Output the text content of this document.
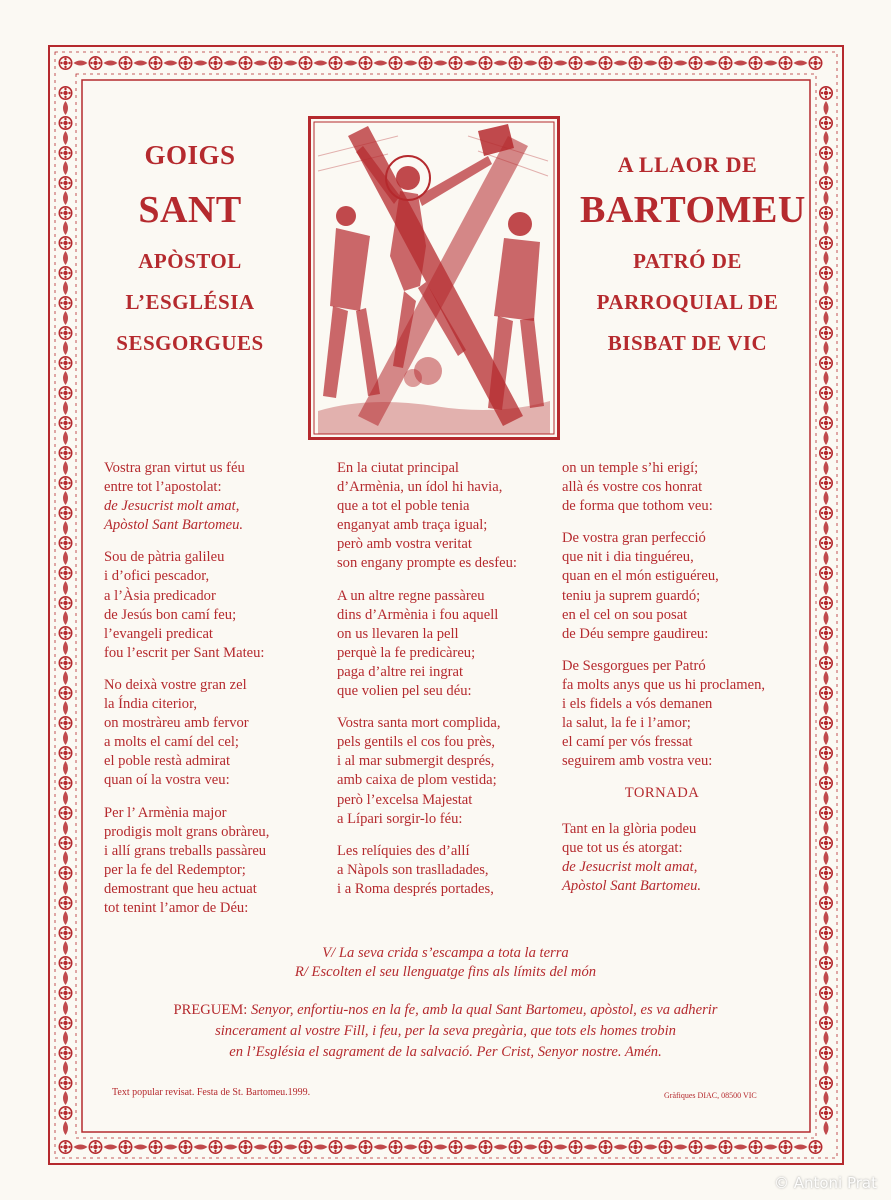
GOIGS
SANT
APÒSTOL
L’ESGLÉSIA
SESGORGUES
A LLAOR DE
BARTOMEU
PATRÓ DE
PARROQUIAL DE
BISBAT DE VIC
Vostra gran virtut us féu
entre tot l’apostolat:
de Jesucrist molt amat,
Apòstol Sant Bartomeu.
Sou de pàtria galileu
i d’ofici pescador,
a l’Àsia predicador
de Jesús bon camí feu;
l’evangeli predicat
fou l’escrit per Sant Mateu:
No deixà vostre gran zel
la Índia citerior,
on mostràreu amb fervor
a molts el camí del cel;
el poble restà admirat
quan oí la vostra veu:
Per l’ Armènia major
prodigis molt grans obràreu,
i allí grans treballs passàreu
per la fe del Redemptor;
demostrant que heu actuat
tot tenint l’amor de Déu:
En la ciutat principal
d’Armènia, un ídol hi havia,
que a tot el poble tenia
enganyat amb traça igual;
però amb vostra veritat
son engany prompte es desfeu:
A un altre regne passàreu
dins d’Armènia i fou aquell
on us llevaren la pell
perquè la fe predicàreu;
paga d’altre rei ingrat
que volien pel seu déu:
Vostra santa mort complida,
pels gentils el cos fou près,
i al mar submergit després,
amb caixa de plom vestida;
però l’excelsa Majestat
a Lípari sorgir-lo féu:
Les relíquies des d’allí
a Nàpols son traslladades,
i a Roma després portades,
on un temple s’hi erigí;
allà és vostre cos honrat
de forma que tothom veu:
De vostra gran perfecció
que nit i dia tinguéreu,
quan en el món estiguéreu,
teniu ja suprem guardó;
en el cel on sou posat
de Déu sempre gaudireu:
De Sesgorgues per Patró
fa molts anys que us hi proclamen,
i els fidels a vós demanen
la salut, la fe i l’amor;
el camí per vós fressat
seguirem amb vostra veu:
TORNADA
Tant en la glòria podeu
que tot us és atorgat:
de Jesucrist molt amat,
Apòstol Sant Bartomeu.
V/ La seva crida s’escampa a tota la terra
R/ Escolten el seu llenguatge fins als límits del món
PREGUEM: Senyor, enfortiu-nos en la fe, amb la qual Sant Bartomeu, apòstol, es va adherir
sincerament al vostre Fill, i feu, per la seva pregària, que tots els homes trobin
en l’Església el sagrament de la salvació. Per Crist, Senyor nostre. Amén.
Text popular revisat. Festa de St. Bartomeu.1999.	Gràfiques DIAC, 08500 VIC
© Antoni Prat
